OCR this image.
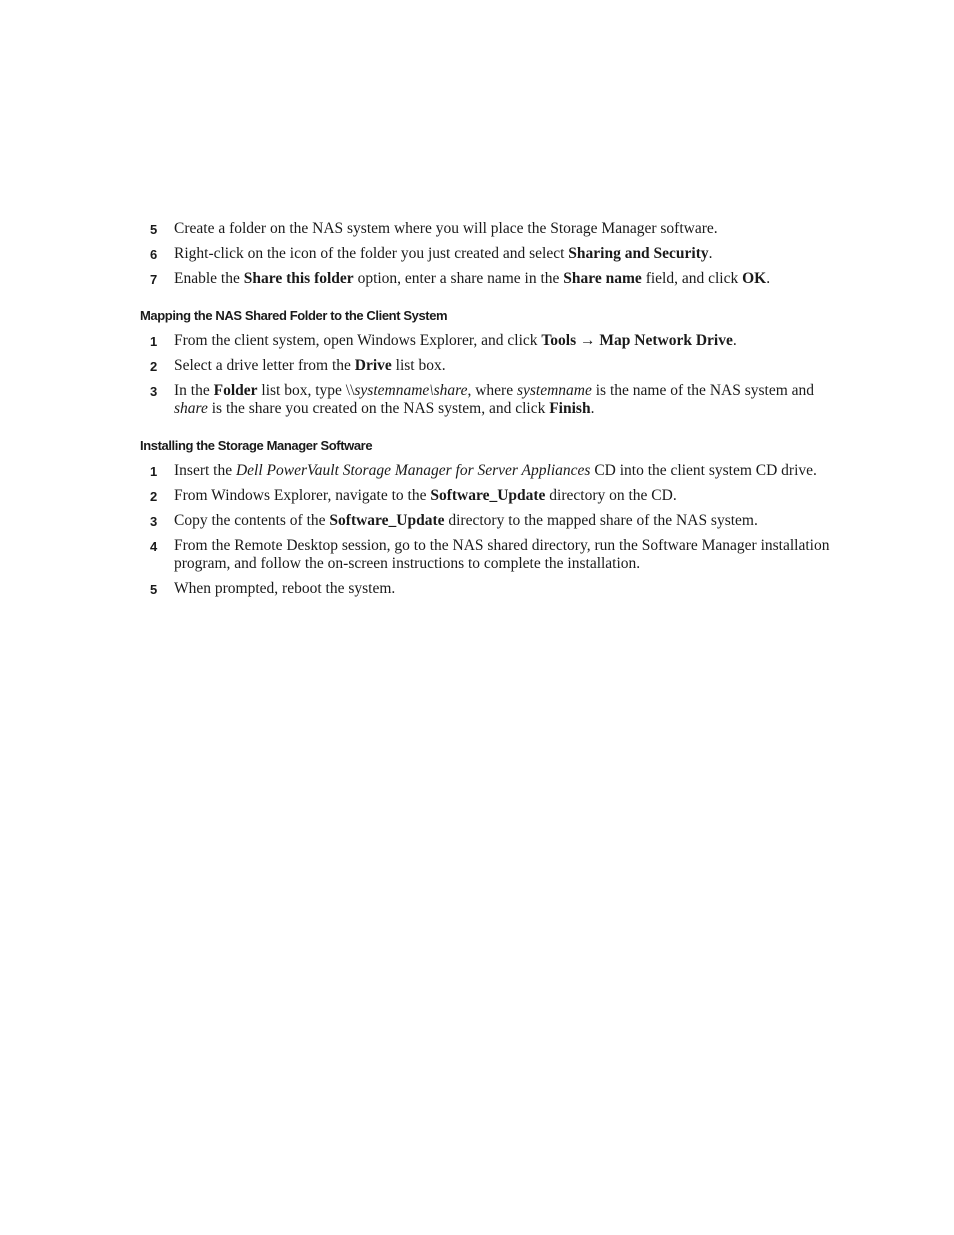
5 Create a folder on the NAS system where you will place the Storage Manager software.
6 Right-click on the icon of the folder you just created and select Sharing and Security.
7 Enable the Share this folder option, enter a share name in the Share name field, and click OK.
Mapping the NAS Shared Folder to the Client System
1 From the client system, open Windows Explorer, and click Tools → Map Network Drive.
2 Select a drive letter from the Drive list box.
3 In the Folder list box, type \\systemname\share, where systemname is the name of the NAS system and share is the share you created on the NAS system, and click Finish.
Installing the Storage Manager Software
1 Insert the Dell PowerVault Storage Manager for Server Appliances CD into the client system CD drive.
2 From Windows Explorer, navigate to the Software_Update directory on the CD.
3 Copy the contents of the Software_Update directory to the mapped share of the NAS system.
4 From the Remote Desktop session, go to the NAS shared directory, run the Software Manager installation program, and follow the on-screen instructions to complete the installation.
5 When prompted, reboot the system.
